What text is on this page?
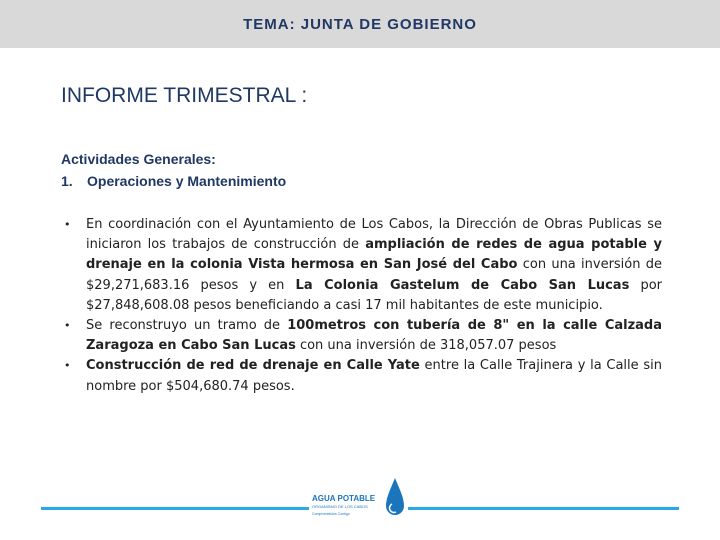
TEMA: JUNTA DE GOBIERNO
INFORME TRIMESTRAL :
Actividades Generales:
1. Operaciones y Mantenimiento
• En coordinación con el Ayuntamiento de Los Cabos, la Dirección de Obras Publicas se iniciaron los trabajos de construcción de ampliación de redes de agua potable y drenaje en la colonia Vista hermosa en San José del Cabo con una inversión de $29,271,683.16 pesos y en La Colonia Gastelum de Cabo San Lucas por $27,848,608.08 pesos beneficiando a casi 17 mil habitantes de este municipio.
• Se reconstruyo un tramo de 100metros con tubería de 8" en la calle Calzada Zaragoza en Cabo San Lucas con una inversión de 318,057.07 pesos
• Construcción de red de drenaje en Calle Yate entre la Calle Trajinera y la Calle sin nombre por $504,680.74 pesos.
AGUA POTABLE
ORGANISMO DE LOS CABOS
Comprometidos Contigo
